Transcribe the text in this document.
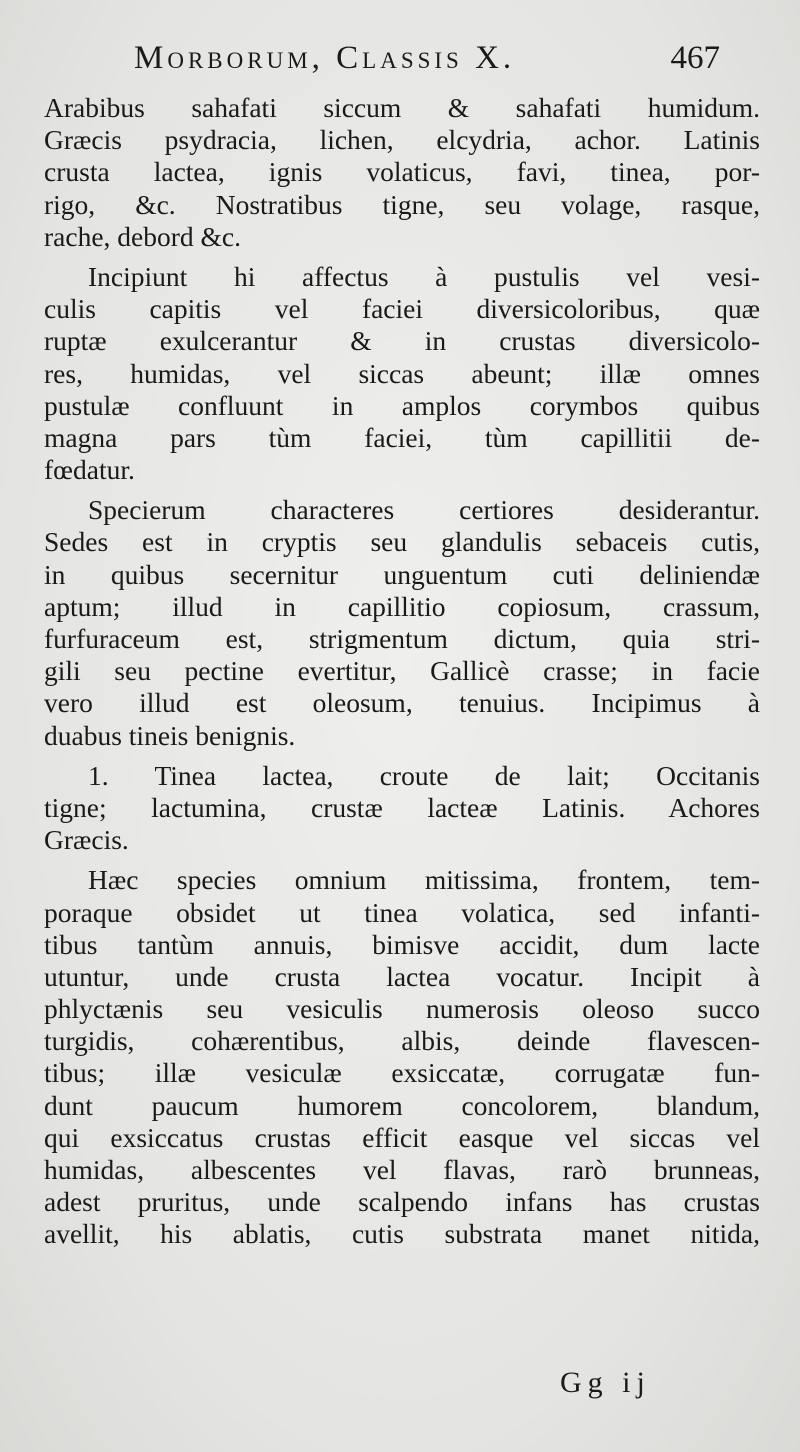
Morborum, Classis X.	467
Arabibus sahafati siccum & sahafati humidum.
Græcis psydracia, lichen, elcydria, achor. Latinis
crusta lactea, ignis volaticus, favi, tinea, por-
rigo, &c. Nostratibus tigne, seu volage, rasque,
rache, debord &c.
Incipiunt hi affectus à pustulis vel vesi-
culis capitis vel faciei diversicoloribus, quæ
ruptæ exulcerantur & in crustas diversicolo-
res, humidas, vel siccas abeunt; illæ omnes
pustulæ confluunt in amplos corymbos quibus
magna pars tùm faciei, tùm capillitii de-
fœdatur.
Specierum characteres certiores desiderantur.
Sedes est in cryptis seu glandulis sebaceis cutis,
in quibus secernitur unguentum cuti deliniendæ
aptum; illud in capillitio copiosum, crassum,
furfuraceum est, strigmentum dictum, quia stri-
gili seu pectine evertitur, Gallicè crasse; in facie
vero illud est oleosum, tenuius. Incipimus à
duabus tineis benignis.
1. Tinea lactea, croute de lait; Occitanis
tigne; lactumina, crustæ lacteæ Latinis. Achores
Græcis.
Hæc species omnium mitissima, frontem, tem-
poraque obsidet ut tinea volatica, sed infanti-
tibus tantùm annuis, bimisve accidit, dum lacte
utuntur, unde crusta lactea vocatur. Incipit à
phlyctænis seu vesiculis numerosis oleoso succo
turgidis, cohærentibus, albis, deinde flavescen-
tibus; illæ vesiculæ exsiccatæ, corrugatæ fun-
dunt paucum humorem concolorem, blandum,
qui exsiccatus crustas efficit easque vel siccas vel
humidas, albescentes vel flavas, rarò brunneas,
adest pruritus, unde scalpendo infans has crustas
avellit, his ablatis, cutis substrata manet nitida,
Gg ij
